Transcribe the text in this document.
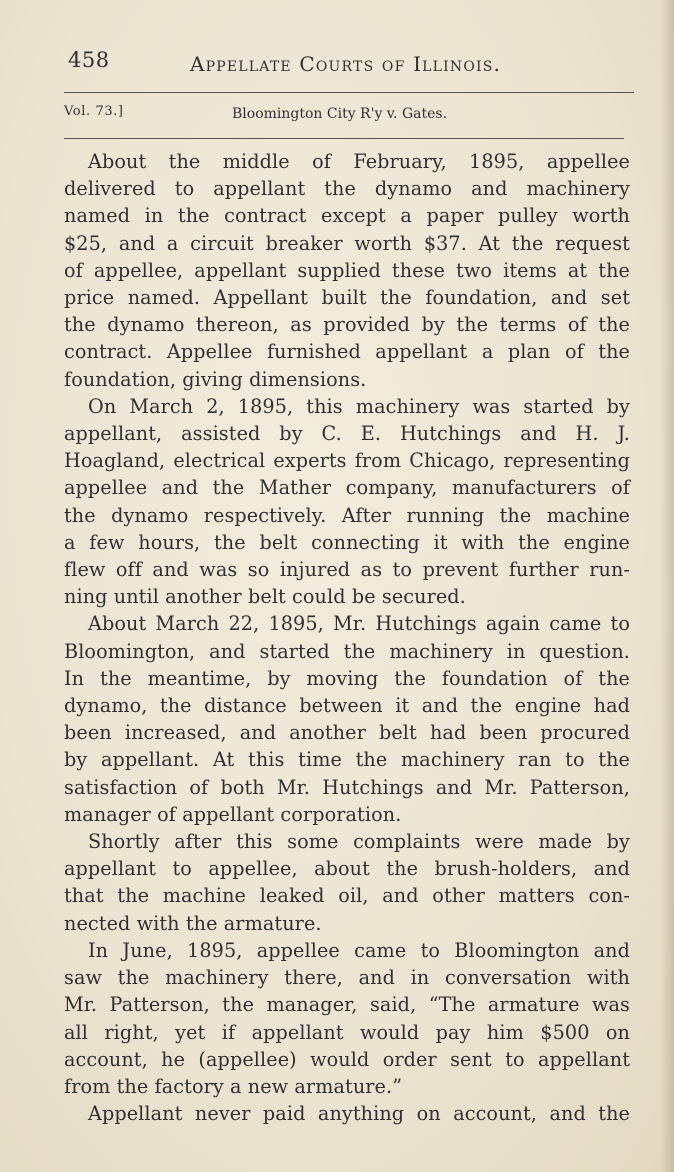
458	Appellate Courts of Illinois.
Vol. 73.]	Bloomington City R'y v. Gates.
About the middle of February, 1895, appellee
delivered to appellant the dynamo and machinery
named in the contract except a paper pulley worth
$25, and a circuit breaker worth $37. At the request
of appellee, appellant supplied these two items at the
price named. Appellant built the foundation, and set
the dynamo thereon, as provided by the terms of the
contract. Appellee furnished appellant a plan of the
foundation, giving dimensions.
On March 2, 1895, this machinery was started by
appellant, assisted by C. E. Hutchings and H. J.
Hoagland, electrical experts from Chicago, representing
appellee and the Mather company, manufacturers of
the dynamo respectively. After running the machine
a few hours, the belt connecting it with the engine
flew off and was so injured as to prevent further run-
ning until another belt could be secured.
About March 22, 1895, Mr. Hutchings again came to
Bloomington, and started the machinery in question.
In the meantime, by moving the foundation of the
dynamo, the distance between it and the engine had
been increased, and another belt had been procured
by appellant. At this time the machinery ran to the
satisfaction of both Mr. Hutchings and Mr. Patterson,
manager of appellant corporation.
Shortly after this some complaints were made by
appellant to appellee, about the brush-holders, and
that the machine leaked oil, and other matters con-
nected with the armature.
In June, 1895, appellee came to Bloomington and
saw the machinery there, and in conversation with
Mr. Patterson, the manager, said, “The armature was
all right, yet if appellant would pay him $500 on
account, he (appellee) would order sent to appellant
from the factory a new armature.”
Appellant never paid anything on account, and the
